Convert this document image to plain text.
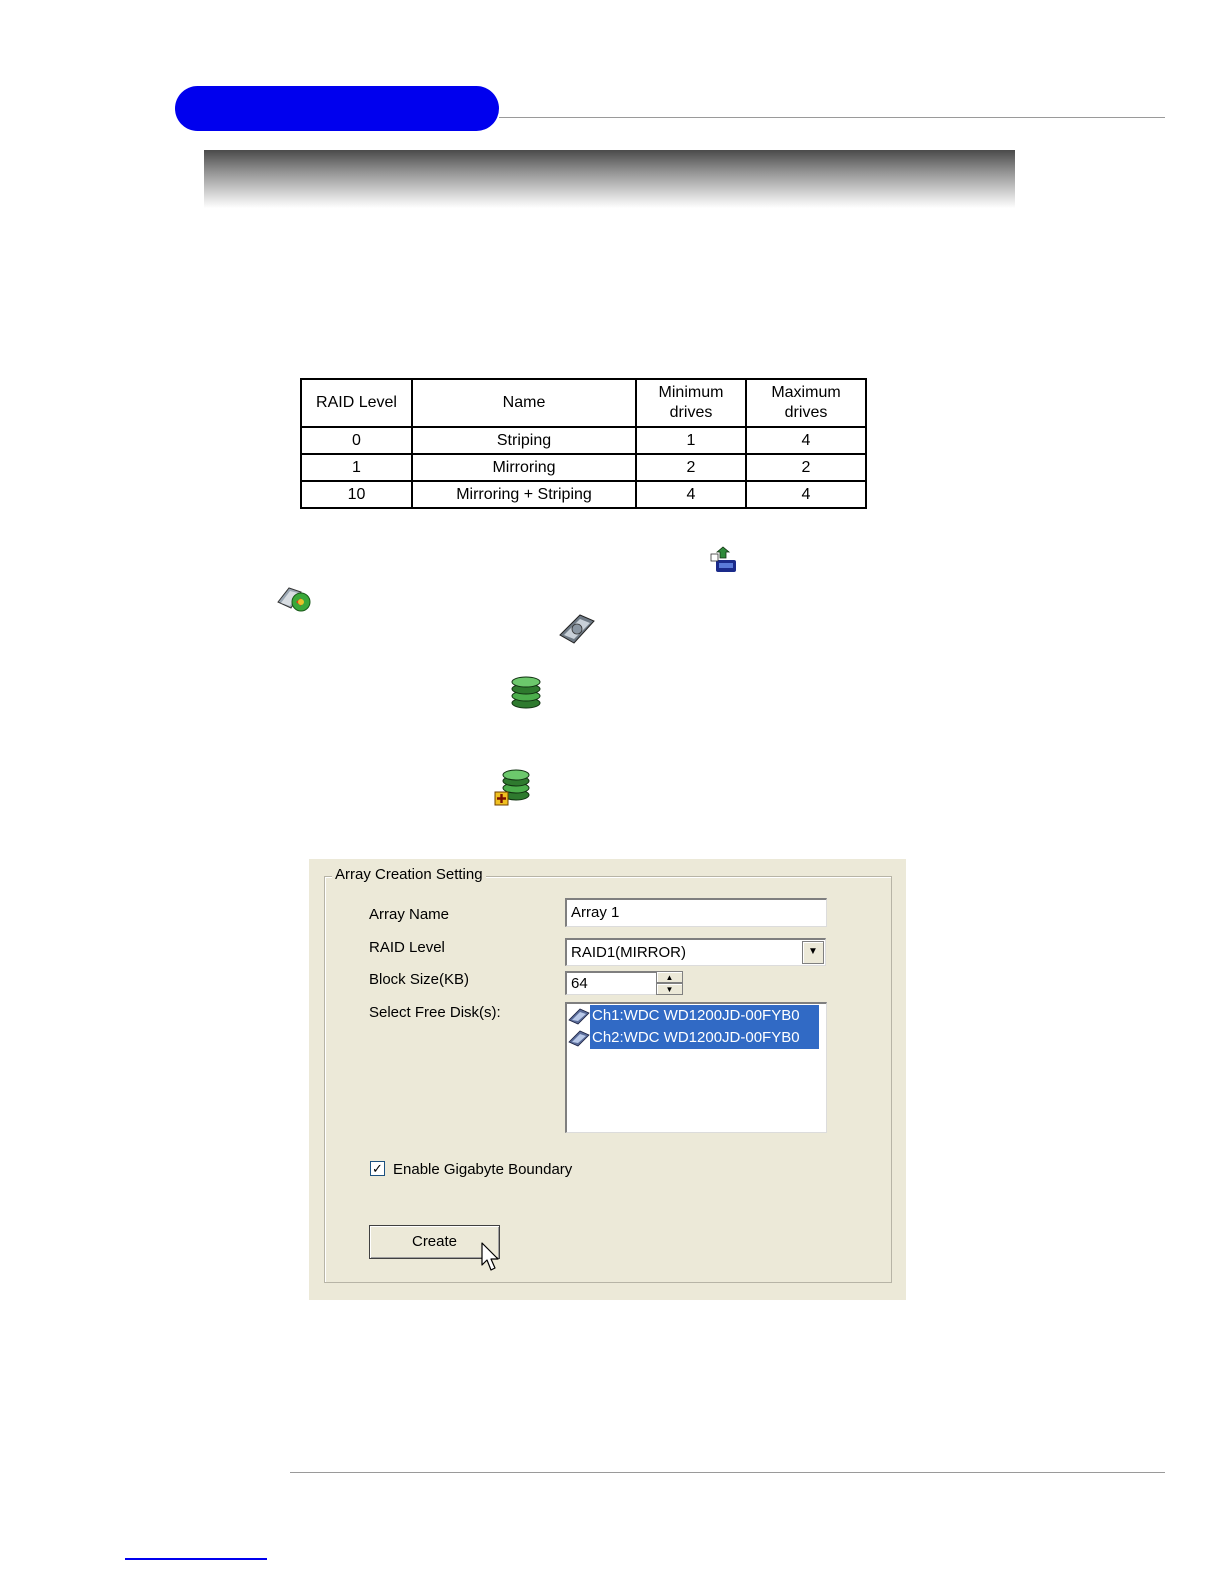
RAID Level	Name	Minimum drives	Maximum drives
0	Striping	1	4
1	Mirroring	2	2
10	Mirroring + Striping	4	4
Array Creation Setting
Array Name	Array 1
RAID Level	RAID1(MIRROR)	▼
Block Size(KB)	64	▲
▼
Select Free Disk(s):	Ch1:WDC WD1200JD-00FYB0
Ch2:WDC WD1200JD-00FYB0
✓ Enable Gigabyte Boundary
Create
